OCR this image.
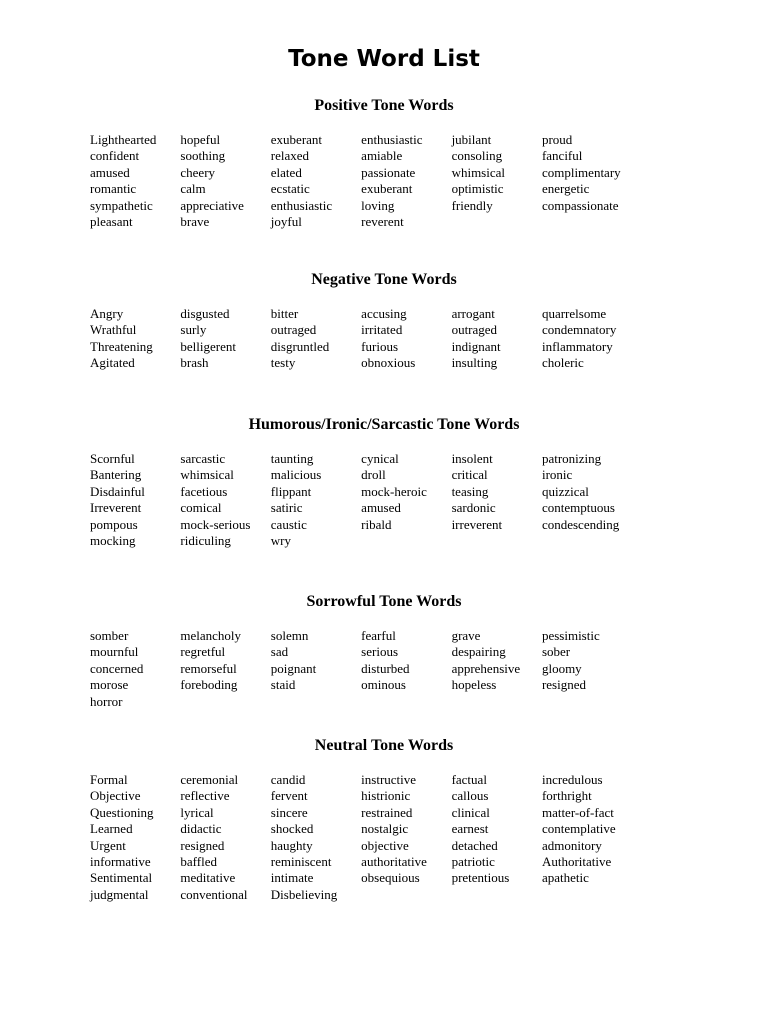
Tone Word List
Positive Tone Words
Lighthearted
confident
amused
romantic
sympathetic
pleasant
hopeful
soothing
cheery
calm
appreciative
brave
exuberant
relaxed
elated
ecstatic
enthusiastic
joyful
enthusiastic
amiable
passionate
exuberant
loving
reverent
jubilant
consoling
whimsical
optimistic
friendly
proud
fanciful
complimentary
energetic
compassionate
Negative Tone Words
Angry
Wrathful
Threatening
Agitated
disgusted
surly
belligerent
brash
bitter
outraged
disgruntled
testy
accusing
irritated
furious
obnoxious
arrogant
outraged
indignant
insulting
quarrelsome
condemnatory
inflammatory
choleric
Humorous/Ironic/Sarcastic Tone Words
Scornful
Bantering
Disdainful
Irreverent
pompous
mocking
sarcastic
whimsical
facetious
comical
mock-serious
ridiculing
taunting
malicious
flippant
satiric
caustic
wry
cynical
droll
mock-heroic
amused
ribald
insolent
critical
teasing
sardonic
irreverent
patronizing
ironic
quizzical
contemptuous
condescending
Sorrowful Tone Words
somber
mournful
concerned
morose
horror
melancholy
regretful
remorseful
foreboding
solemn
sad
poignant
staid
fearful
serious
disturbed
ominous
grave
despairing
apprehensive
hopeless
pessimistic
sober
gloomy
resigned
Neutral Tone Words
Formal
Objective
Questioning
Learned
Urgent
informative
Sentimental
judgmental
ceremonial
reflective
lyrical
didactic
resigned
baffled
meditative
conventional
candid
fervent
sincere
shocked
haughty
reminiscent
intimate
Disbelieving
instructive
histrionic
restrained
nostalgic
objective
authoritative
obsequious
factual
callous
clinical
earnest
detached
patriotic
pretentious
incredulous
forthright
matter-of-fact
contemplative
admonitory
Authoritative
apathetic
